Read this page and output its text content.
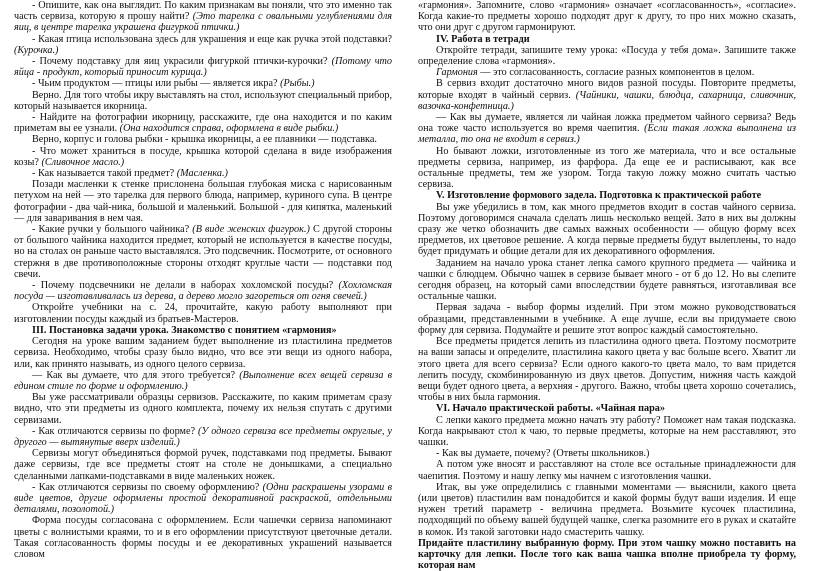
- Опишите, как она выглядит. По каким признакам вы поняли, что это именно так часть сервиза, которую я прошу найти? (Это тарелка с овальными углублениями для яиц, в центре тарелка украшена фигуркой птички.)

- Какая птица использована здесь для украшения и еще как ручка этой подставки? (Курочка.)

- Почему подставку для яиц украсили фигуркой птички-курочки? (Потому что яйца - продукт, который приносит курица.)

- Чьим продуктом — птицы или рыбы — является икра? (Рыбы.)

Верно. Для того чтобы икру выставлять на стол, используют специальный прибор, который называется икорница.

- Найдите на фотографии икорницу, расскажите, где она находится и по каким приметам вы ее узнали. (Она находится справа, оформлена в виде рыбки.)

Верно, корпус и голова рыбки - крышка икорницы, а ее плавники — подставка.

- Что может храниться в посуде, крышка которой сделана в виде изображения козы? (Сливочное масло.)

- Как называется такой предмет? (Масленка.)

Позади масленки к стенке прислонена большая глубокая миска с нарисованным петухом на ней — это тарелка для первого блюда, например, куриного супа. В центре фотографии - два чай-ника, большой и маленький. Большой - для кипятка, маленький — для заваривания в нем чая.

- Какие ручки у большого чайника? (В виде женских фигурок.) С другой стороны от большого чайника находится предмет, который не используется в качестве посуды, но на столах он раньше часто выставлялся. Это подсвечник. Посмотрите, от основного стержня в две противоположные стороны отходят круглые части — подставки под свечи.

- Почему подсвечники не делали в наборах хохломской посуды? (Хохломская посуда — изготавливалась из дерева, а дерево могло загореться от огня свечей.)

Откройте учебники на с. 24, прочитайте, какую работу выполняют при изготовлении посуды каждый из братьев-Мастеров.

III. Постановка задачи урока. Знакомство с понятием «гармония»

Сегодня на уроке вашим заданием будет выполнение из пластилина предметов сервиза. Необходимо, чтобы сразу было видно, что все эти вещи из одного набора, или, как принято называть, из одного целого сервиза.

— Как вы думаете, что для этого требуется? (Выполнение всех вещей сервиза в едином стиле по форме и оформлению.)

Вы уже рассматривали образцы сервизов. Расскажите, по каким приметам сразу видно, что эти предметы из одного комплекта, почему их нельзя спутать с другими сервизами.

- Как отличаются сервизы по форме? (У одного сервиза все предметы округлые, у другого — вытянутые вверх изделий.)

Сервизы могут объединяться формой ручек, подставками под предметы. Бывают даже сервизы, где все предметы стоят на столе не донышками, а специально сделанными лапками-подставками в виде маленьких ножек.

- Как отличаются сервизы по своему оформлению? (Одни раскрашены узорами в виде цветов, другие оформлены простой декоративной раскраской, отдельными деталями, позолотой.)

Форма посуды согласована с оформлением. Если чашечки сервиза напоминают цветы с волнистыми краями, то и в его оформлении присутствуют цветочные детали. Такая согласованность формы посуды и ее декоративных украшений называется словом

«гармония». Запомните, слово «гармония» означает «согласованность», «согласие». Когда какие-то предметы хорошо подходят друг к другу, то про них можно сказать, что они друг с другом гармонируют.

IV. Работа в тетради

Откройте тетради, запишите тему урока: «Посуда у тебя дома». Запишите также определение слова «гармония».

Гармония — это согласованность, согласие разных компонентов в целом.

В сервиз входит достаточно много видов разной посуды. Повторите предметы, которые входят в чайный сервиз. (Чайники, чашки, блюдца, сахарница, сливочник, вазочка-конфетница.)

— Как вы думаете, является ли чайная ложка предметом чайного сервиза? Ведь она тоже часто используется во время чаепития. (Если такая ложка выполнена из металла, то она не входит в сервиз.)

Но бывают ложки, изготовленные из того же материала, что и все остальные предметы сервиза, например, из фарфора. Да еще ее и расписывают, как все остальные предметы, тем же узором. Тогда такую ложку можно считать частью сервиза.

V. Изготовление формового задела. Подготовка к практической работе

Вы уже убедились в том, как много предметов входит в состав чайного сервиза. Поэтому договоримся сначала сделать лишь несколько вещей. Зато в них вы должны сразу же четко обозначить две самых важных особенности — общую форму всех предметов, их цветовое решение. А когда первые предметы будут вылеплены, то надо будет придумать и общие детали для их декоративного оформления.

Заданием на начало урока станет лепка самого крупного предмета — чайника и чашки с блюдцем. Обычно чашек в сервизе бывает много - от 6 до 12. Но вы слепите сегодня образец, на который сами впоследствии будете равняться, изготавливая все остальные чашки.

Первая задача - выбор формы изделий. При этом можно руководствоваться образцами, представленными в учебнике. А еще лучше, если вы придумаете свою форму для сервиза. Подумайте и решите этот вопрос каждый самостоятельно.

Все предметы придется лепить из пластилина одного цвета. Поэтому посмотрите на ваши запасы и определите, пластилина какого цвета у вас больше всего. Хватит ли этого цвета для всего сервиза? Если одного какого-то цвета мало, то вам придется лепить посуду, скомбинированную из двух цветов. Допустим, нижняя часть каждой вещи будет одного цвета, а верхняя - другого. Важно, чтобы цвета хорошо сочетались, чтобы в них была гармония.

VI. Начало практической работы. «Чайная пара»

С лепки какого предмета можно начать эту работу? Поможет нам такая подсказка. Когда накрывают стол к чаю, то первые предметы, которые на нем расставляют, это чашки.

- Как вы думаете, почему? (Ответы школьников.)

А потом уже вносят и расставляют на столе все остальные принадлежности для чаепития. Поэтому и нашу лепку мы начнем с изготовления чашки.

Итак, вы уже определились с главными моментами — выяснили, какого цвета (или цветов) пластилин вам понадобится и какой формы будут ваши изделия. И еще нужен третий параметр - величина предмета. Возьмите кусочек пластилина, подходящий по объему вашей будущей чашке, слегка разомните его в руках и скатайте в комок. Из такой заготовки надо смастерить чашку.

Придайте пластилину выбранную форму. При этом чашку можно поставить на карточку для лепки. После того как ваша чашка вполне приобрела ту форму, которая нам
